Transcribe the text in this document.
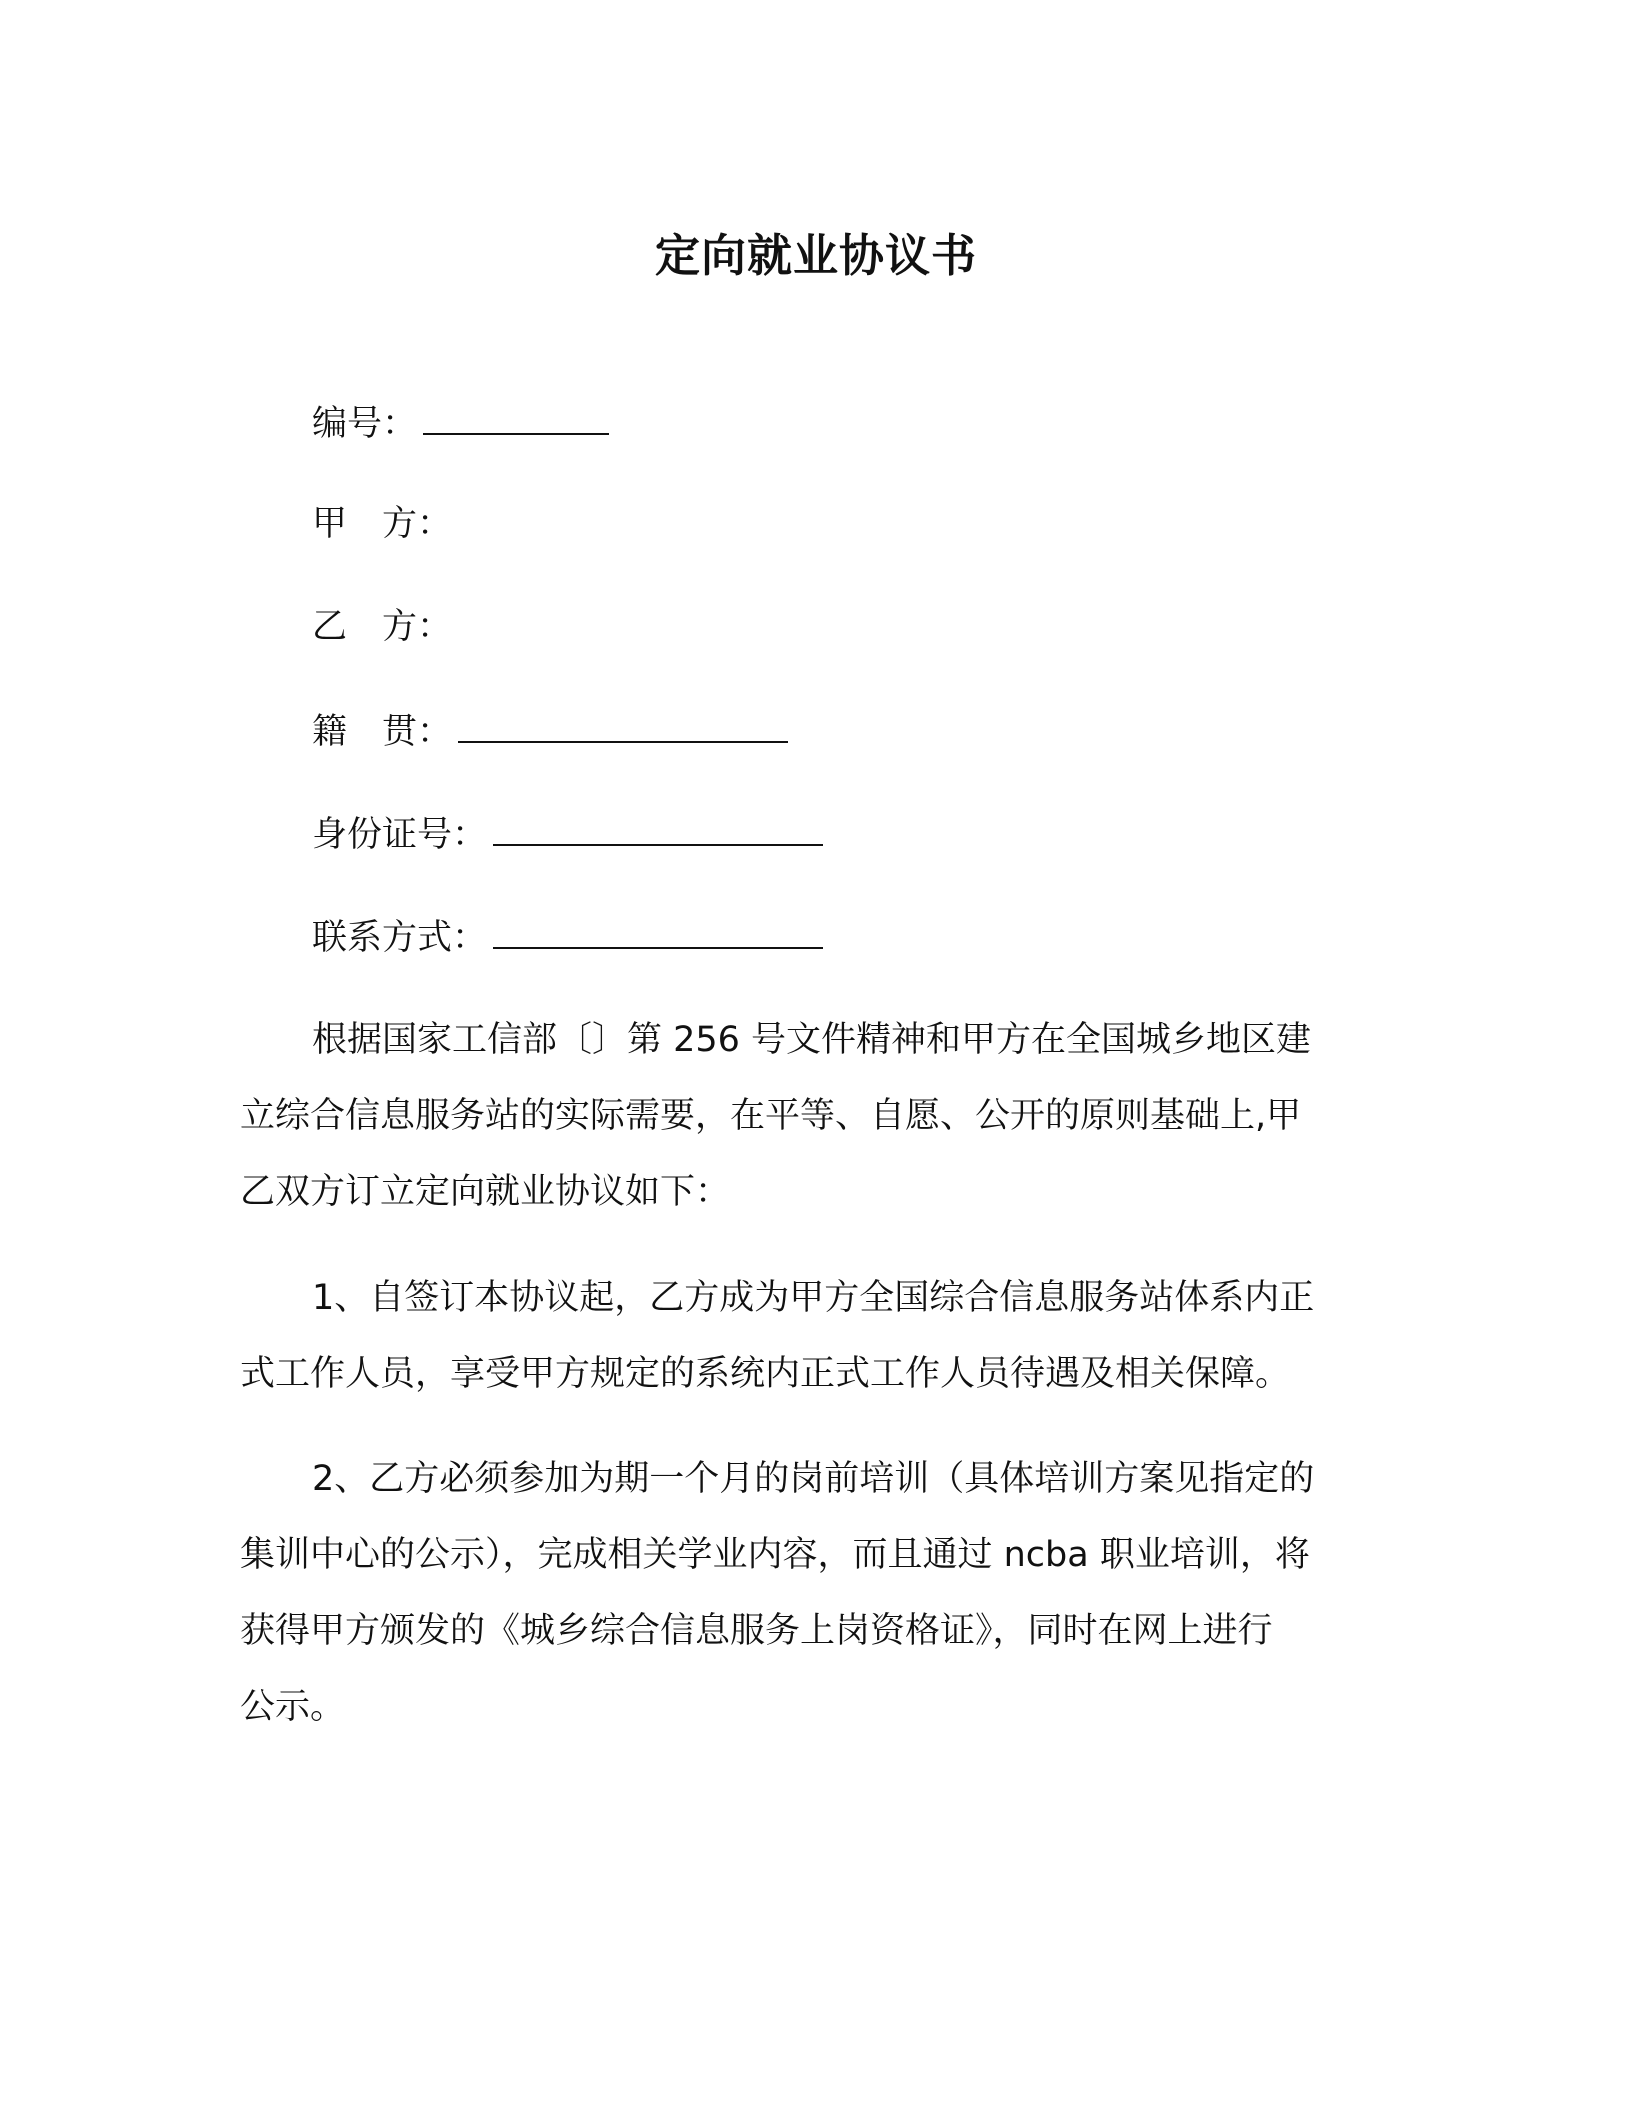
定向就业协议书
编号：
甲　方：
乙　方：
籍　贯：
身份证号：
联系方式：
根据国家工信部〔〕第 256 号文件精神和甲方在全国城乡地区建
立综合信息服务站的实际需要，在平等、自愿、公开的原则基础上,甲
乙双方订立定向就业协议如下：
1、自签订本协议起，乙方成为甲方全国综合信息服务站体系内正
式工作人员，享受甲方规定的系统内正式工作人员待遇及相关保障。
2、乙方必须参加为期一个月的岗前培训（具体培训方案见指定的
集训中心的公示），完成相关学业内容，而且通过 ncba 职业培训，将
获得甲方颁发的《城乡综合信息服务上岗资格证》，同时在网上进行
公示。
